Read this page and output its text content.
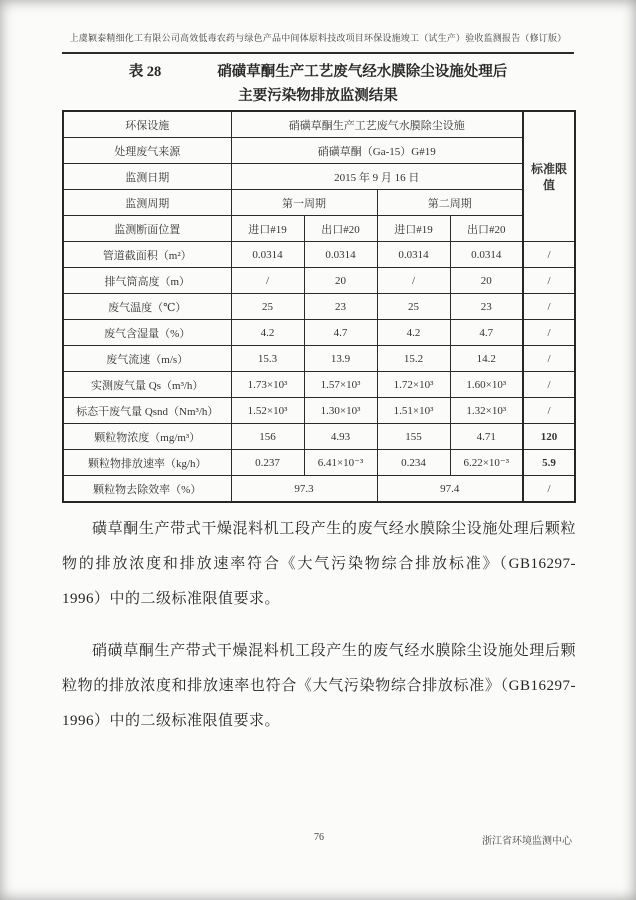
上虞颖泰精细化工有限公司高效低毒农药与绿色产品中间体原料技改项目环保设施竣工（试生产）验收监测报告（修订版）
表 28	硝磺草酮生产工艺废气经水膜除尘设施处理后
主要污染物排放监测结果
环保设施	硝磺草酮生产工艺废气水膜除尘设施				标准限值
处理废气来源	硝磺草酮（Ga-15）G#19				
监测日期	2015 年 9 月 16 日				
监测周期	第一周期		第二周期		
监测断面位置	进口#19	出口#20	进口#19	出口#20	
管道截面积（m²）	0.0314	0.0314	0.0314	0.0314	/
排气筒高度（m）	/	20	/	20	/
废气温度（℃）	25	23	25	23	/
废气含湿量（%）	4.2	4.7	4.2	4.7	/
废气流速（m/s）	15.3	13.9	15.2	14.2	/
实测废气量 Qs（m³/h）	1.73×10³	1.57×10³	1.72×10³	1.60×10³	/
标态干废气量 Qsnd（Nm³/h）	1.52×10³	1.30×10³	1.51×10³	1.32×10³	/
颗粒物浓度（mg/m³）	156	4.93	155	4.71	120
颗粒物排放速率（kg/h）	0.237	6.41×10⁻³	0.234	6.22×10⁻³	5.9
颗粒物去除效率（%）	97.3		97.4		/

磺草酮生产带式干燥混料机工段产生的废气经水膜除尘设施处理后颗粒物的排放浓度和排放速率符合《大气污染物综合排放标准》（GB16297-1996）中的二级标准限值要求。

硝磺草酮生产带式干燥混料机工段产生的废气经水膜除尘设施处理后颗粒物的排放浓度和排放速率也符合《大气污染物综合排放标准》（GB16297-1996）中的二级标准限值要求。

76	浙江省环境监测中心
